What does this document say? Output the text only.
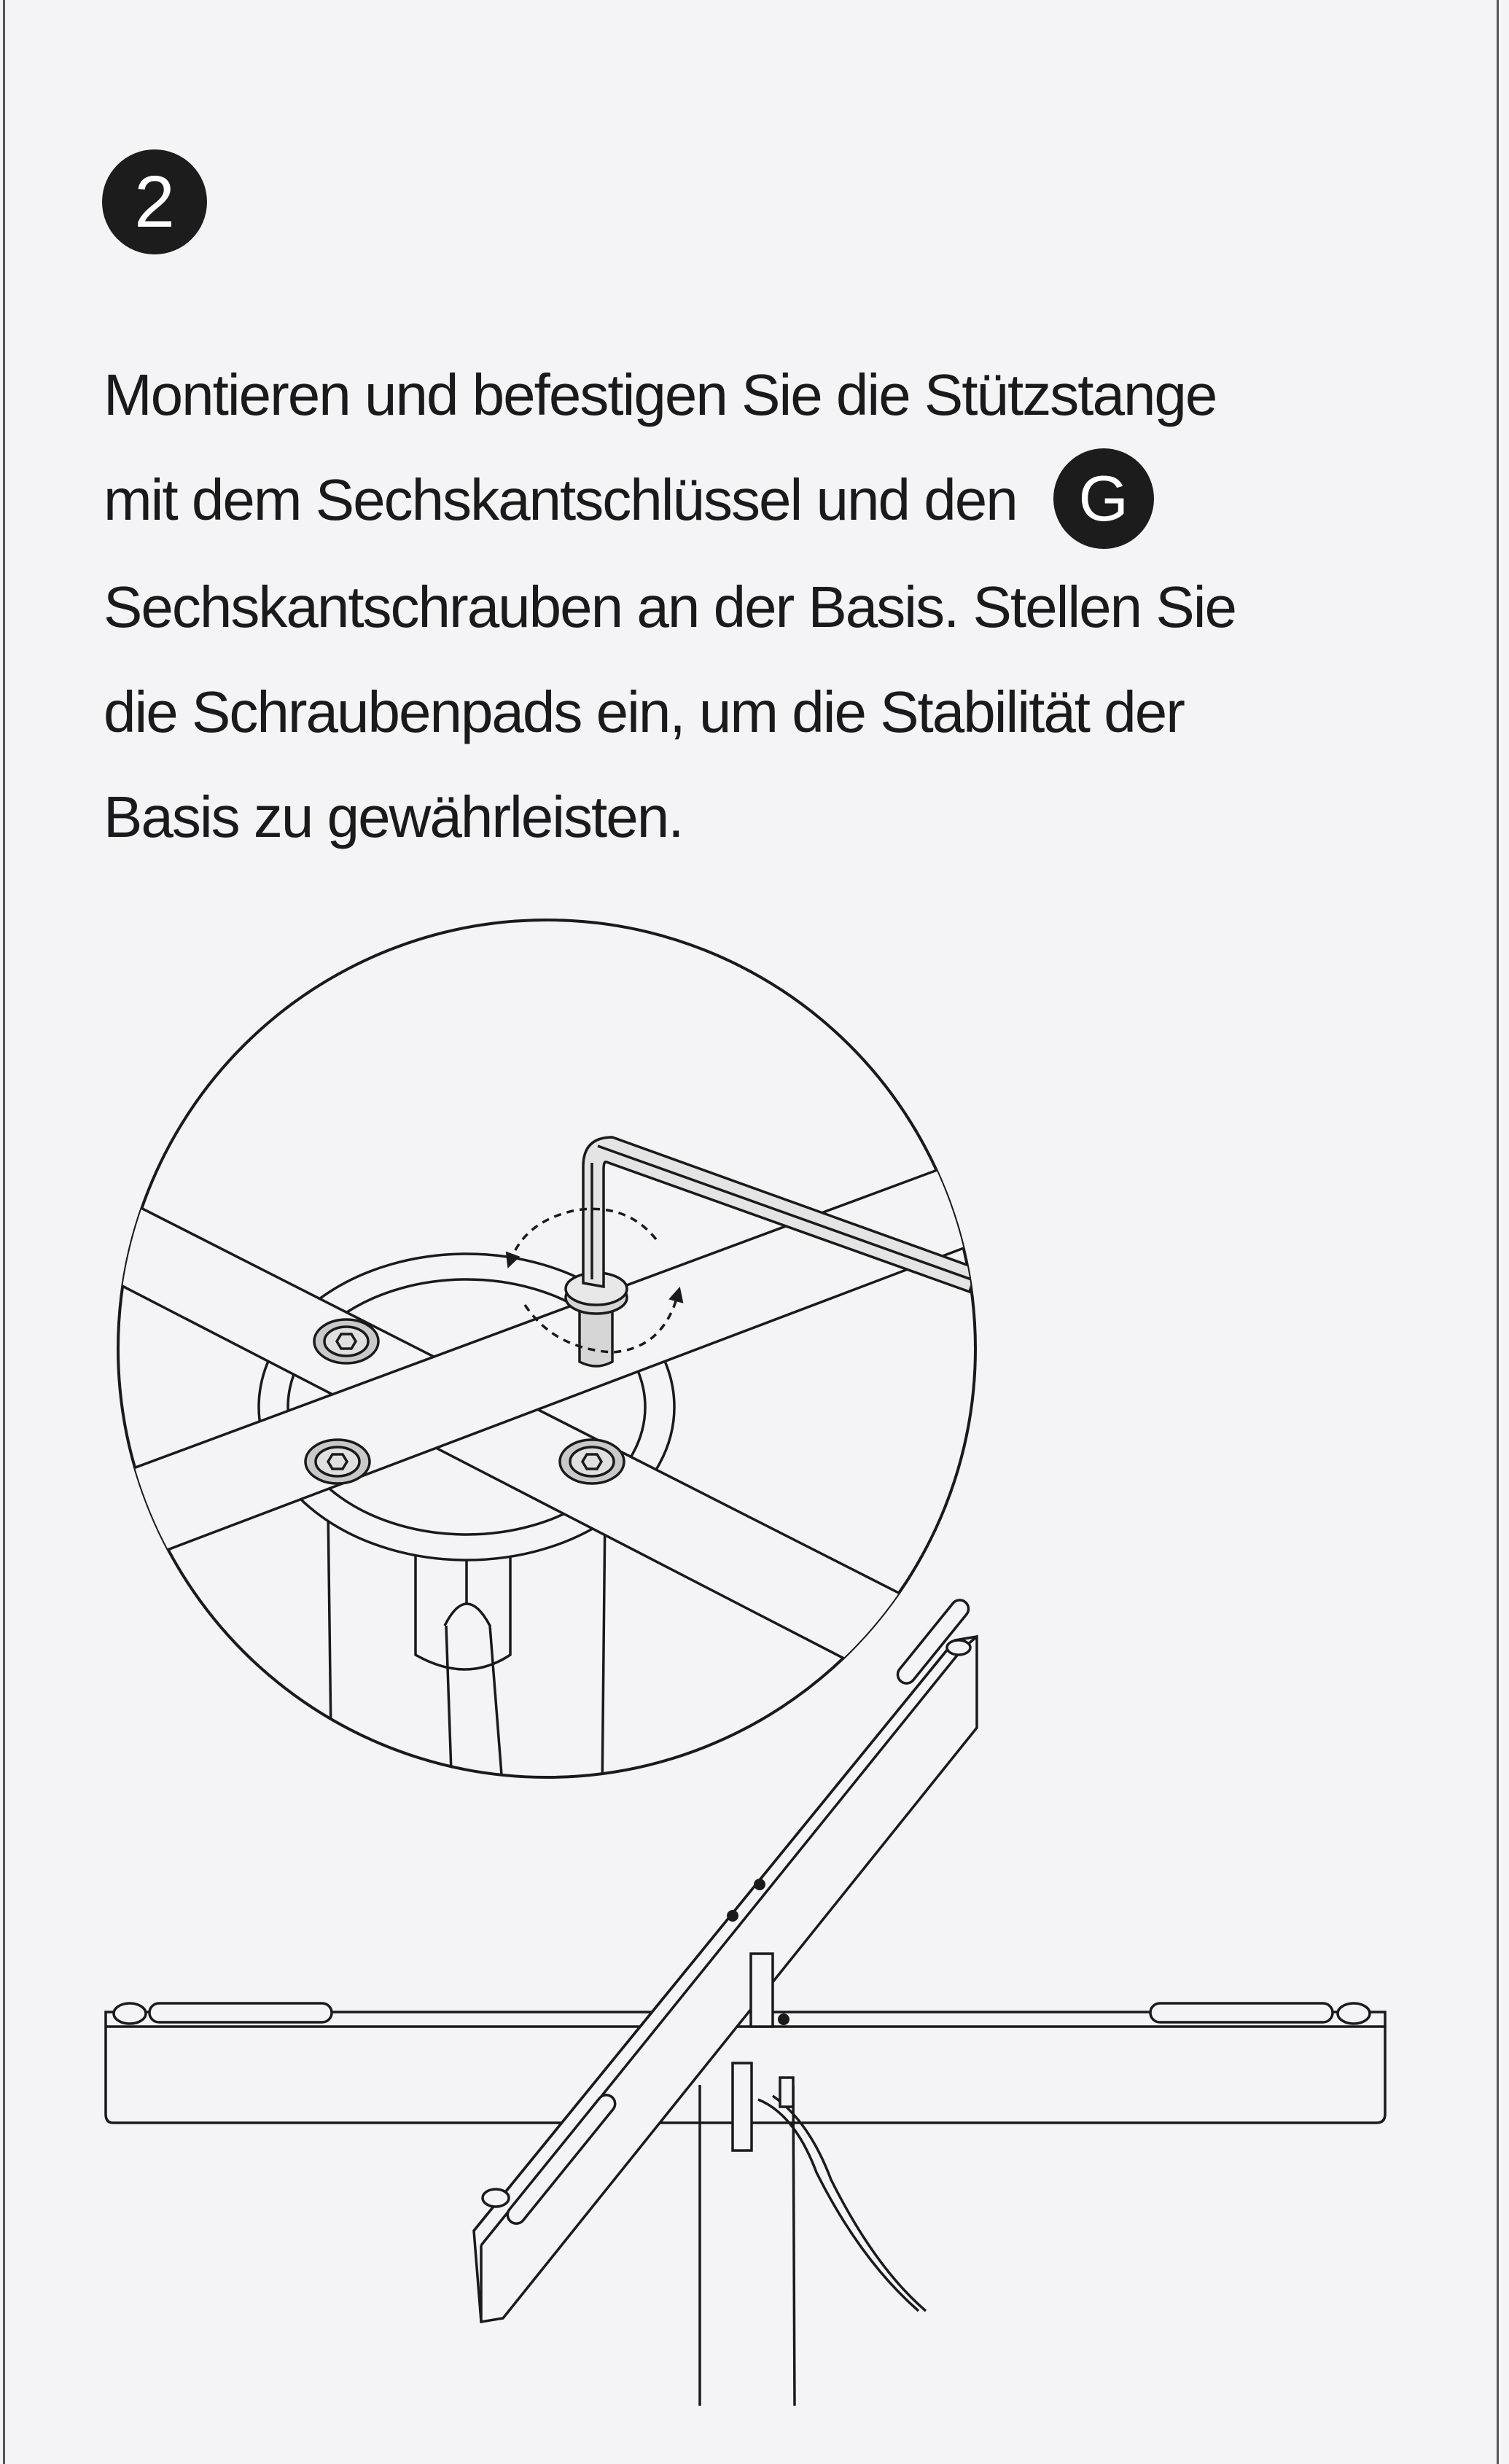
2

Montieren und befestigen Sie die Stützstange
mit dem Sechskantschlüssel und den G
Sechskantschrauben an der Basis. Stellen Sie
die Schraubenpads ein, um die Stabilität der
Basis zu gewährleisten.
